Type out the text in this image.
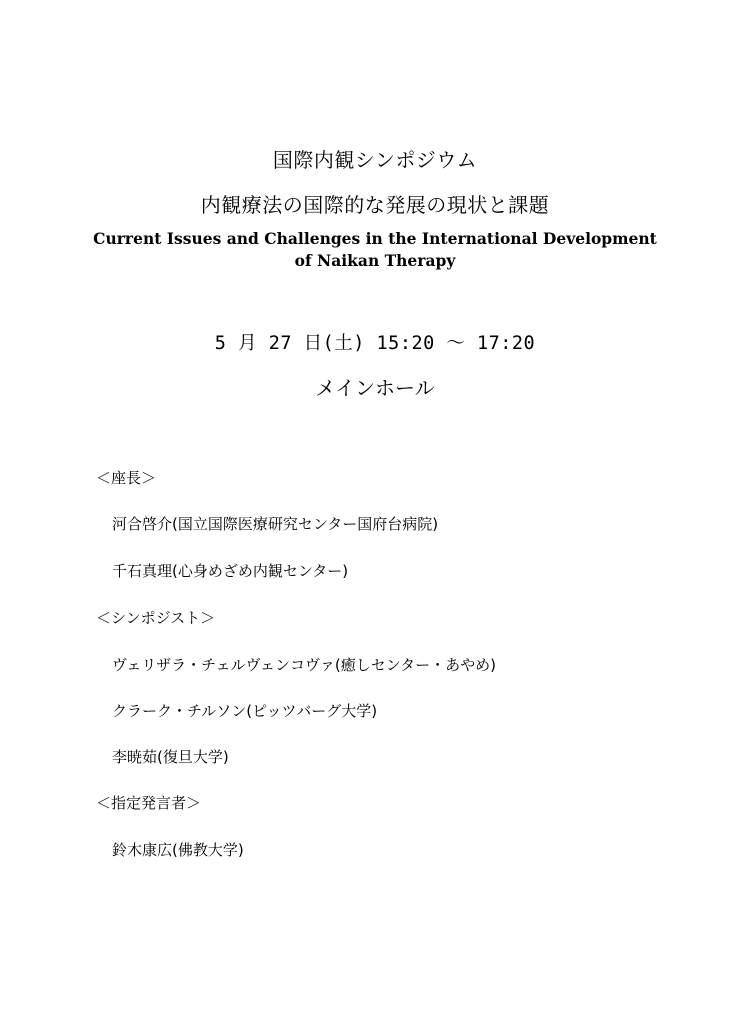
国際内観シンポジウム
内観療法の国際的な発展の現状と課題
Current Issues and Challenges in the International Development
of Naikan Therapy
5 月 27 日(土) 15:20 〜 17:20
メインホール
＜座長＞
河合啓介(国立国際医療研究センター国府台病院)
千石真理(心身めざめ内観センター)
＜シンポジスト＞
ヴェリザラ・チェルヴェンコヴァ(癒しセンター・あやめ)
クラーク・チルソン(ピッツバーグ大学)
李暁茹(復旦大学)
＜指定発言者＞
鈴木康広(佛教大学)
